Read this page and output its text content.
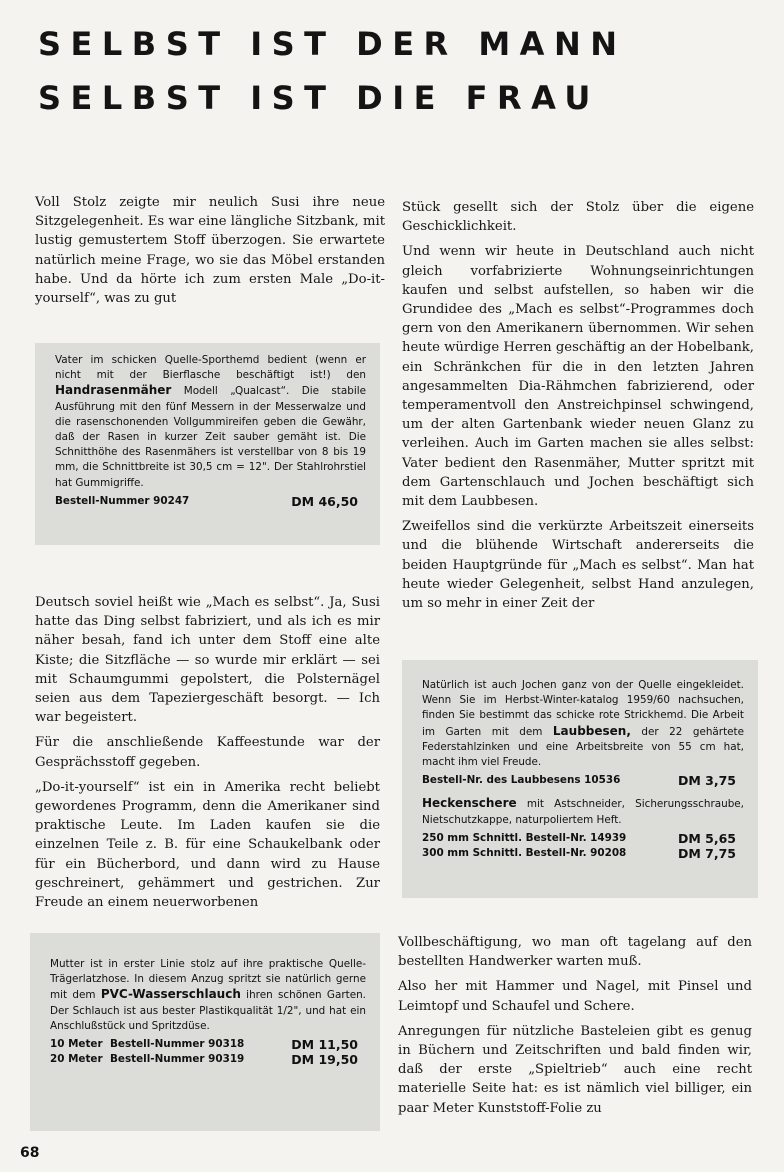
SELBST IST DER MANN
SELBST IST DIE FRAU

Voll Stolz zeigte mir neulich Susi ihre neue Sitzgelegenheit. Es war eine längliche Sitzbank, mit lustig gemustertem Stoff überzogen. Sie erwartete natürlich meine Frage, wo sie das Möbel erstanden habe. Und da hörte ich zum ersten Male „Do-it-yourself“, was zu gut

Vater im schicken Quelle-Sporthemd bedient (wenn er nicht mit der Bierflasche beschäftigt ist!) den Handrasenmäher Modell „Qualcast“. Die stabile Ausführung mit den fünf Messern in der Messerwalze und die rasenschonenden Vollgummireifen geben die Gewähr, daß der Rasen in kurzer Zeit sauber gemäht ist. Die Schnitthöhe des Rasenmähers ist verstellbar von 8 bis 19 mm, die Schnittbreite ist 30,5 cm = 12". Der Stahlrohrstiel hat Gummigriffe.

Bestell-Nummer 90247	DM 46,50

Deutsch soviel heißt wie „Mach es selbst“. Ja, Susi hatte das Ding selbst fabriziert, und als ich es mir näher besah, fand ich unter dem Stoff eine alte Kiste; die Sitzfläche — so wurde mir erklärt — sei mit Schaumgummi gepolstert, die Polsternägel seien aus dem Tapeziergeschäft besorgt. — Ich war begeistert.

Für die anschließende Kaffeestunde war der Gesprächsstoff gegeben.

„Do-it-yourself“ ist ein in Amerika recht beliebt gewordenes Programm, denn die Amerikaner sind praktische Leute. Im Laden kaufen sie die einzelnen Teile z. B. für eine Schaukelbank oder für ein Bücherbord, und dann wird zu Hause geschreinert, gehämmert und gestrichen. Zur Freude an einem neuerworbenen

Mutter ist in erster Linie stolz auf ihre praktische Quelle-Trägerlatzhose. In diesem Anzug spritzt sie natürlich gerne mit dem PVC-Wasserschlauch ihren schönen Garten. Der Schlauch ist aus bester Plastikqualität 1/2", und hat ein Anschlußstück und Spritzdüse.

10 Meter Bestell-Nummer 90318	DM 11,50
20 Meter Bestell-Nummer 90319	DM 19,50

Stück gesellt sich der Stolz über die eigene Geschicklichkeit.

Und wenn wir heute in Deutschland auch nicht gleich vorfabrizierte Wohnungseinrichtungen kaufen und selbst aufstellen, so haben wir die Grundidee des „Mach es selbst“-Programmes doch gern von den Amerikanern übernommen. Wir sehen heute würdige Herren geschäftig an der Hobelbank, ein Schränkchen für die in den letzten Jahren angesammelten Dia-Rähmchen fabrizierend, oder temperamentvoll den Anstreichpinsel schwingend, um der alten Gartenbank wieder neuen Glanz zu verleihen. Auch im Garten machen sie alles selbst: Vater bedient den Rasenmäher, Mutter spritzt mit dem Gartenschlauch und Jochen beschäftigt sich mit dem Laubbesen.

Zweifellos sind die verkürzte Arbeitszeit einerseits und die blühende Wirtschaft andererseits die beiden Hauptgründe für „Mach es selbst“. Man hat heute wieder Gelegenheit, selbst Hand anzulegen, um so mehr in einer Zeit der

Natürlich ist auch Jochen ganz von der Quelle eingekleidet. Wenn Sie im Herbst-Winter-katalog 1959/60 nachsuchen, finden Sie bestimmt das schicke rote Strickhemd. Die Arbeit im Garten mit dem Laubbesen, der 22 gehärtete Federstahlzinken und eine Arbeitsbreite von 55 cm hat, macht ihm viel Freude.

Bestell-Nr. des Laubbesens 10536	DM 3,75

Heckenschere mit Astschneider, Sicherungsschraube, Nietschutzkappe, naturpoliertem Heft.

250 mm Schnittl. Bestell-Nr. 14939	DM 5,65
300 mm Schnittl. Bestell-Nr. 90208	DM 7,75

Vollbeschäftigung, wo man oft tagelang auf den bestellten Handwerker warten muß.

Also her mit Hammer und Nagel, mit Pinsel und Leimtopf und Schaufel und Schere.

Anregungen für nützliche Basteleien gibt es genug in Büchern und Zeitschriften und bald finden wir, daß der erste „Spieltrieb“ auch eine recht materielle Seite hat: es ist nämlich viel billiger, ein paar Meter Kunststoff-Folie zu

68
